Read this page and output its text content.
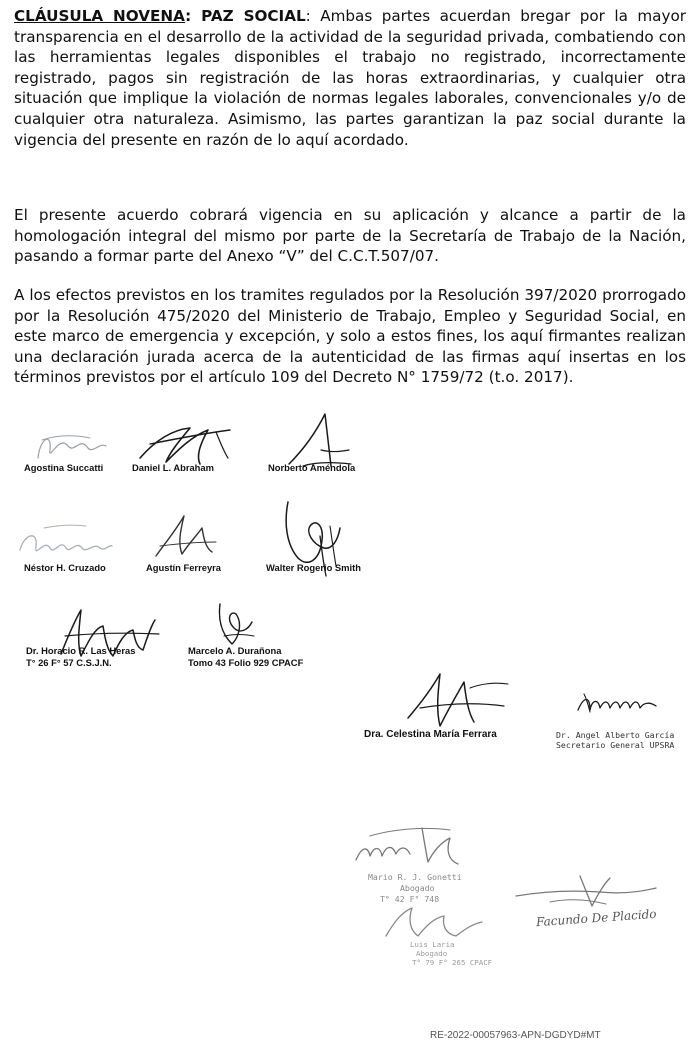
CLÁUSULA NOVENA: PAZ SOCIAL: Ambas partes acuerdan bregar por la mayor transparencia en el desarrollo de la actividad de la seguridad privada, combatiendo con las herramientas legales disponibles el trabajo no registrado, incorrectamente registrado, pagos sin registración de las horas extraordinarias, y cualquier otra situación que implique la violación de normas legales laborales, convencionales y/o de cualquier otra naturaleza. Asimismo, las partes garantizan la paz social durante la vigencia del presente en razón de lo aquí acordado.

El presente acuerdo cobrará vigencia en su aplicación y alcance a partir de la homologación integral del mismo por parte de la Secretaría de Trabajo de la Nación, pasando a formar parte del Anexo “V” del C.C.T.507/07.

A los efectos previstos en los tramites regulados por la Resolución 397/2020 prorrogado por la Resolución 475/2020 del Ministerio de Trabajo, Empleo y Seguridad Social, en este marco de emergencia y excepción, y solo a estos fines, los aquí firmantes realizan una declaración jurada acerca de la autenticidad de las firmas aquí insertas en los términos previstos por el artículo 109 del Decreto N° 1759/72 (t.o. 2017).

Agostina Succatti	Daniel L. Abraham	Norberto Améndola
Néstor H. Cruzado	Agustín Ferreyra	Walter Rogerio Smith
Dr. Horacio R. Las Heras
T° 26 F° 57 C.S.J.N.
Marcelo A. Durañona
Tomo 43 Folio 929 CPACF
Dra. Celestina María Ferrara	Dr. Angel Alberto García
Secretario General UPSRA
Mario R. J. Gonetti
Abogado
T° 42 F° 748
Luis Laria
Abogado
T° 79 F° 265 CPACF
Facundo De Placido
RE-2022-00057963-APN-DGDYD#MT
